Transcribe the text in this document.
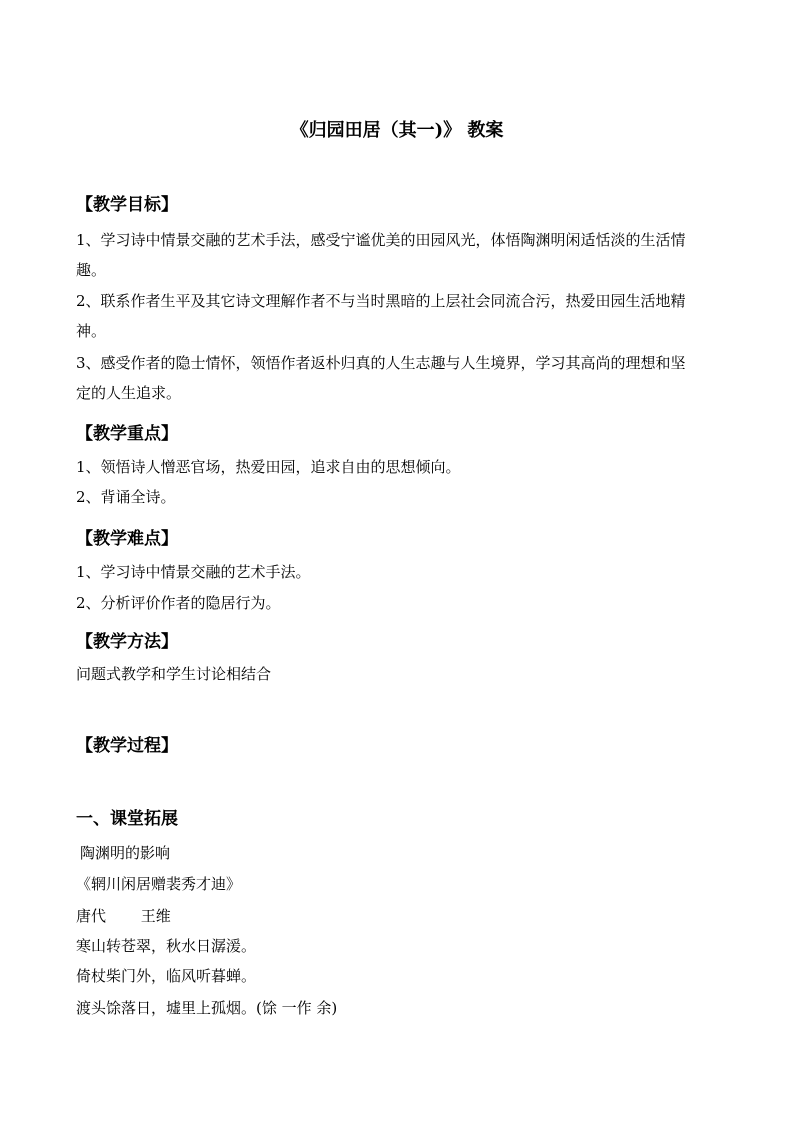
《归园田居（其一)》 教案
【教学目标】
1、学习诗中情景交融的艺术手法，感受宁谧优美的田园风光，体悟陶渊明闲适恬淡的生活情
趣。
2、联系作者生平及其它诗文理解作者不与当时黑暗的上层社会同流合污，热爱田园生活地精
神。
3、感受作者的隐士情怀，领悟作者返朴归真的人生志趣与人生境界，学习其高尚的理想和坚
定的人生追求。
【教学重点】
1、领悟诗人憎恶官场，热爱田园，追求自由的思想倾向。
2、背诵全诗。
【教学难点】
1、学习诗中情景交融的艺术手法。
2、分析评价作者的隐居行为。
【教学方法】
问题式教学和学生讨论相结合
【教学过程】
一、课堂拓展
陶渊明的影响
《辋川闲居赠裴秀才迪》
唐代　　 王维
寒山转苍翠，秋水日潺湲。
倚杖柴门外，临风听暮蝉。
渡头馀落日，墟里上孤烟。(馀 一作 余)
